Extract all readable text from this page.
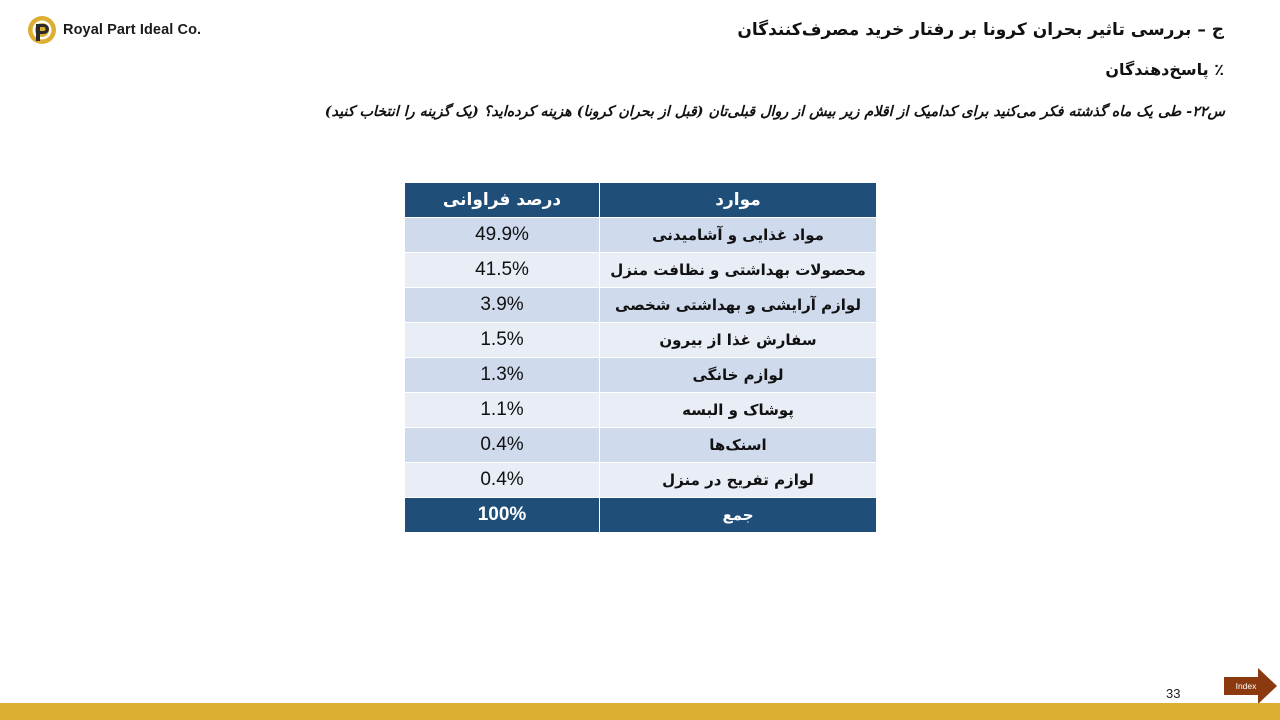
Royal Part Ideal Co.	ج – بررسی تاثیر بحران کرونا بر رفتار خرید مصرف‌کنندگان
٪ پاسخ‌دهندگان
س۲۲- طی یک ماه گذشته فکر می‌کنید برای کدامیک از اقلام زیر بیش از روال قبلی‌تان (قبل از بحران کرونا) هزینه کرده‌اید؟ (یک گزینه را انتخاب کنید)
درصد فراوانی	موارد
49.9%	مواد غذایی و آشامیدنی
41.5%	محصولات بهداشتی و نظافت منزل
3.9%	لوازم آرایشی و بهداشتی شخصی
1.5%	سفارش غذا از بیرون
1.3%	لوازم خانگی
1.1%	پوشاک و البسه
0.4%	اسنک‌ها
0.4%	لوازم تفریح در منزل
100%	جمع
33	Index
